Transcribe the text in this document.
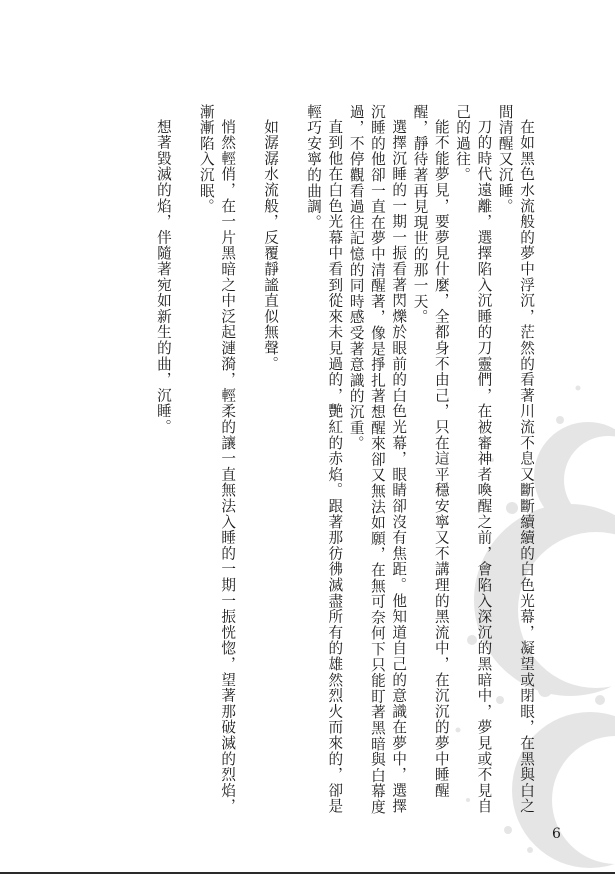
在如黑色水流般的夢中浮沉，茫然的看著川流不息又斷斷續續的白色光幕，凝望或閉眼，在黑與白之間清醒又沉睡。

刀的時代遠離，選擇陷入沉睡的刀靈們，在被審神者喚醒之前，會陷入深沉的黑暗中，夢見或不見自己的過往。

能不能夢見，要夢見什麼，全都身不由己，只在這平穩安寧又不講理的黑流中，在沉沉的夢中睡醒醒，靜待著再見現世的那一天。

選擇沉睡的一期一振看著閃爍於眼前的白色光幕，眼睛卻沒有焦距。他知道自己的意識在夢中，選擇沉睡的他卻一直在夢中清醒著，像是掙扎著想醒來卻又無法如願，在無可奈何下只能盯著黑暗與白幕度過，不停觀看過往記憶的同時感受著意識的沉重。

直到他在白色光幕中看到從來未見過的，艷紅的赤焰。跟著那彷彿滅盡所有的雄然烈火而來的，卻是輕巧安寧的曲調。

如潺潺水流般，反覆靜謐直似無聲。

悄然輕俏，在一片黑暗之中泛起漣漪，輕柔的讓一直無法入睡的一期一振恍惚，望著那破滅的烈焰，漸漸陷入沉眠。

想著毀滅的焰，伴隨著宛如新生的曲，沉睡。

6
